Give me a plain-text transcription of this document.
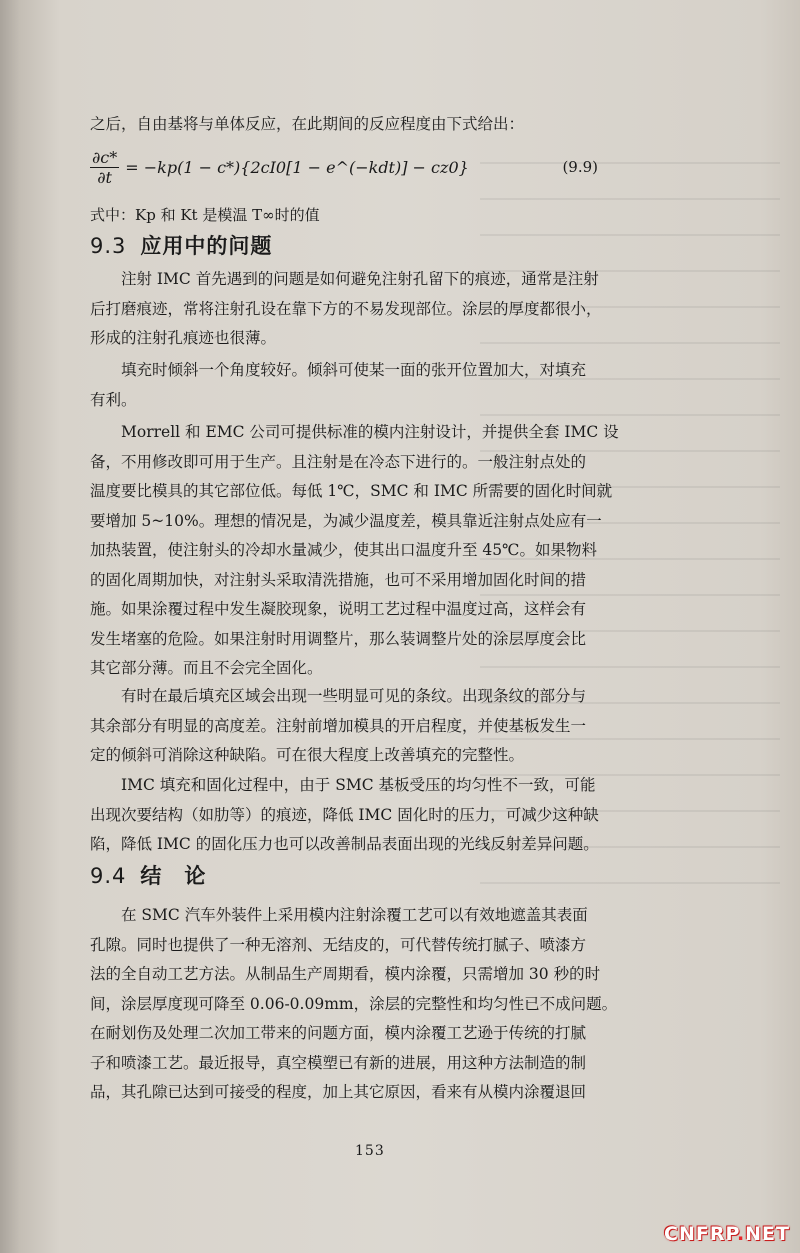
之后，自由基将与单体反应，在此期间的反应程度由下式给出：
$\frac{\partial c*}{\partial t} = -kp(1 - c*)\{2cI0[1$ − e^(−kdt)] − cz0}	(9.9)
式中：Kp 和 Kt 是模温 T∞时的值
9.3 应用中的问题
注射 IMC 首先遇到的问题是如何避免注射孔留下的痕迹，通常是注射
后打磨痕迹，常将注射孔设在靠下方的不易发现部位。涂层的厚度都很小，
形成的注射孔痕迹也很薄。
填充时倾斜一个角度较好。倾斜可使某一面的张开位置加大，对填充
有利。
Morrell 和 EMC 公司可提供标准的模内注射设计，并提供全套 IMC 设
备，不用修改即可用于生产。且注射是在冷态下进行的。一般注射点处的
温度要比模具的其它部位低。每低 1℃，SMC 和 IMC 所需要的固化时间就
要增加 5~10%。理想的情况是，为减少温度差，模具靠近注射点处应有一
加热装置，使注射头的冷却水量减少，使其出口温度升至 45℃。如果物料
的固化周期加快，对注射头采取清洗措施，也可不采用增加固化时间的措
施。如果涂覆过程中发生凝胶现象，说明工艺过程中温度过高，这样会有
发生堵塞的危险。如果注射时用调整片，那么装调整片处的涂层厚度会比
其它部分薄。而且不会完全固化。
有时在最后填充区域会出现一些明显可见的条纹。出现条纹的部分与
其余部分有明显的高度差。注射前增加模具的开启程度，并使基板发生一
定的倾斜可消除这种缺陷。可在很大程度上改善填充的完整性。
IMC 填充和固化过程中，由于 SMC 基板受压的均匀性不一致，可能
出现次要结构（如肋等）的痕迹，降低 IMC 固化时的压力，可减少这种缺
陷，降低 IMC 的固化压力也可以改善制品表面出现的光线反射差异问题。
9.4 结　论
在 SMC 汽车外装件上采用模内注射涂覆工艺可以有效地遮盖其表面
孔隙。同时也提供了一种无溶剂、无结皮的，可代替传统打腻子、喷漆方
法的全自动工艺方法。从制品生产周期看，模内涂覆，只需增加 30 秒的时
间，涂层厚度现可降至 0.06-0.09mm，涂层的完整性和均匀性已不成问题。
在耐划伤及处理二次加工带来的问题方面，模内涂覆工艺逊于传统的打腻
子和喷漆工艺。最近报导，真空模塑已有新的进展，用这种方法制造的制
品，其孔隙已达到可接受的程度，加上其它原因，看来有从模内涂覆退回
153
CNFRP.NET
